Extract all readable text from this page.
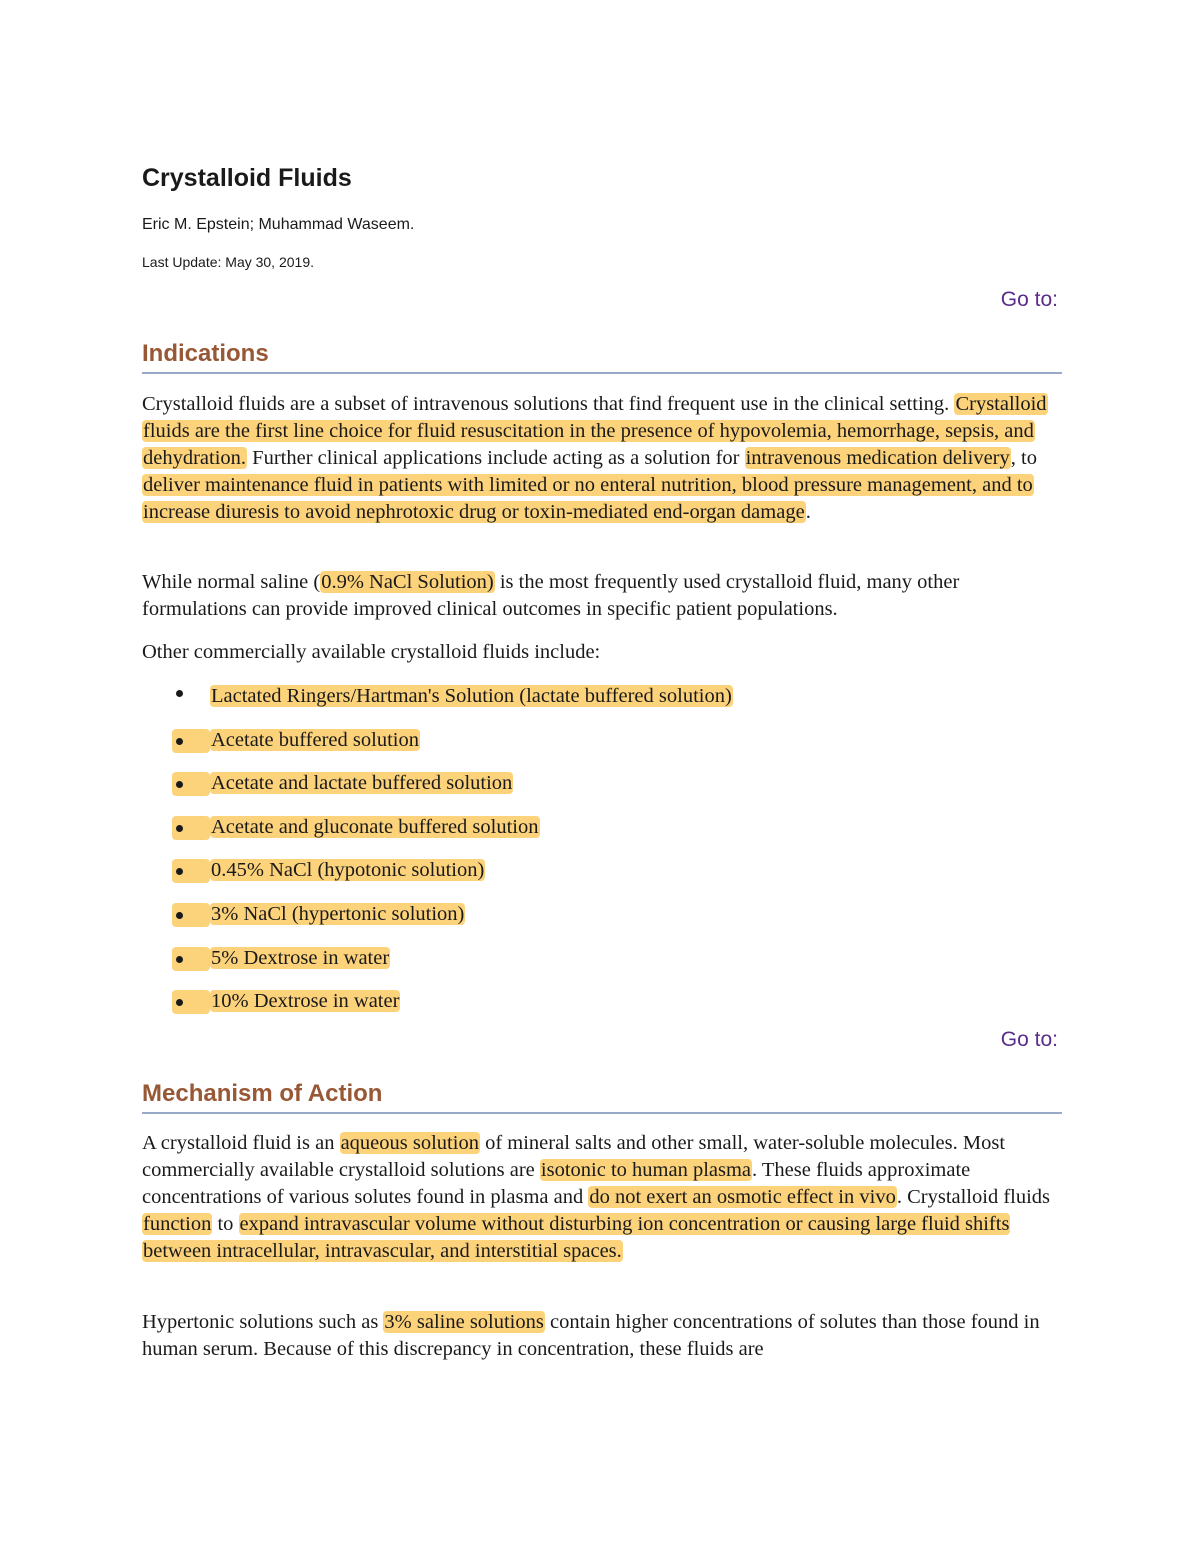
Crystalloid Fluids
Eric M. Epstein; Muhammad Waseem.
Last Update: May 30, 2019.
Go to:
Indications

Crystalloid fluids are a subset of intravenous solutions that find frequent use in the clinical setting. Crystalloid fluids are the first line choice for fluid resuscitation in the presence of hypovolemia, hemorrhage, sepsis, and dehydration. Further clinical applications include acting as a solution for intravenous medication delivery, to deliver maintenance fluid in patients with limited or no enteral nutrition, blood pressure management, and to increase diuresis to avoid nephrotoxic drug or toxin-mediated end-organ damage.

While normal saline (0.9% NaCl Solution) is the most frequently used crystalloid fluid, many other formulations can provide improved clinical outcomes in specific patient populations.

Other commercially available crystalloid fluids include:

Lactated Ringers/Hartman's Solution (lactate buffered solution)
Acetate buffered solution
Acetate and lactate buffered solution
Acetate and gluconate buffered solution
0.45% NaCl (hypotonic solution)
3% NaCl (hypertonic solution)
5% Dextrose in water
10% Dextrose in water
Go to:
Mechanism of Action

A crystalloid fluid is an aqueous solution of mineral salts and other small, water-soluble molecules. Most commercially available crystalloid solutions are isotonic to human plasma. These fluids approximate concentrations of various solutes found in plasma and do not exert an osmotic effect in vivo. Crystalloid fluids function to expand intravascular volume without disturbing ion concentration or causing large fluid shifts between intracellular, intravascular, and interstitial spaces.

Hypertonic solutions such as 3% saline solutions contain higher concentrations of solutes than those found in human serum. Because of this discrepancy in concentration, these fluids are
